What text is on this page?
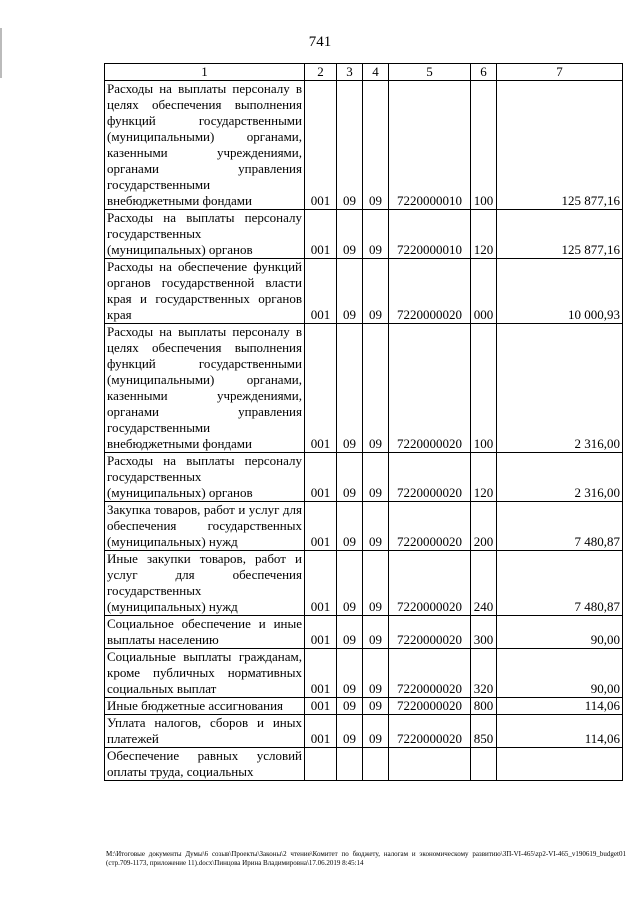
741
1	2	3	4	5	6	7
Расходы на выплаты персоналу в целях обеспечения выполнения функций государственными (муниципальными) органами, казенными учреждениями, органами управления государственными внебюджетными фондами	001	09	09	7220000010	100	125 877,16
Расходы на выплаты персоналу государственных (муниципальных) органов	001	09	09	7220000010	120	125 877,16
Расходы на обеспечение функций органов государственной власти края и государственных органов края	001	09	09	7220000020	000	10 000,93
Расходы на выплаты персоналу в целях обеспечения выполнения функций государственными (муниципальными) органами, казенными учреждениями, органами управления государственными внебюджетными фондами	001	09	09	7220000020	100	2 316,00
Расходы на выплаты персоналу государственных (муниципальных) органов	001	09	09	7220000020	120	2 316,00
Закупка товаров, работ и услуг для обеспечения государственных (муниципальных) нужд	001	09	09	7220000020	200	7 480,87
Иные закупки товаров, работ и услуг для обеспечения государственных (муниципальных) нужд	001	09	09	7220000020	240	7 480,87
Социальное обеспечение и иные выплаты населению	001	09	09	7220000020	300	90,00
Социальные выплаты гражданам, кроме публичных нормативных социальных выплат	001	09	09	7220000020	320	90,00
Иные бюджетные ассигнования	001	09	09	7220000020	800	114,06
Уплата налогов, сборов и иных платежей	001	09	09	7220000020	850	114,06
Обеспечение равных условий оплаты труда, социальных						
M:\Итоговые документы Думы\6 созыв\Проекты\Законы\2 чтение\Комитет по бюджету, налогам и экономическому развитию\ЗП-VI-465\zp2-VI-465_v190619_budget01 (стр.709-1173, приложение 11).docx\Пинцова Ирина Владимировна\17.06.2019 8:45:14
